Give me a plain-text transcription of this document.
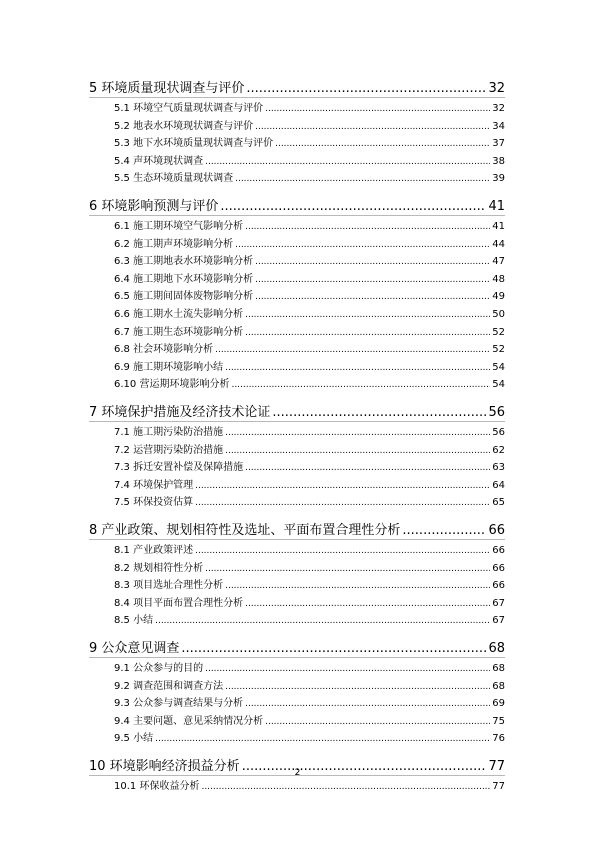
5 环境质量现状调查与评价 .....	32
5.1 环境空气质量现状调查与评价 .....	32
5.2 地表水环境现状调查与评价 .....	34
5.3 地下水环境质量现状调查与评价 .....	37
5.4 声环境现状调查 .....	38
5.5 生态环境质量现状调查 .....	39
6 环境影响预测与评价 .....	41
6.1 施工期环境空气影响分析 .....	41
6.2 施工期声环境影响分析 .....	44
6.3 施工期地表水环境影响分析 .....	47
6.4 施工期地下水环境影响分析 .....	48
6.5 施工期间固体废物影响分析 .....	49
6.6 施工期水土流失影响分析 .....	50
6.7 施工期生态环境影响分析 .....	52
6.8 社会环境影响分析 .....	52
6.9 施工期环境影响小结 .....	54
6.10 营运期环境影响分析 .....	54
7 环境保护措施及经济技术论证 .....	56
7.1 施工期污染防治措施 .....	56
7.2 运营期污染防治措施 .....	62
7.3 拆迁安置补偿及保障措施 .....	63
7.4 环境保护管理 .....	64
7.5 环保投资估算 .....	65
8 产业政策、规划相符性及选址、平面布置合理性分析 .....	66
8.1 产业政策评述 .....	66
8.2 规划相符性分析 .....	66
8.3 项目选址合理性分析 .....	66
8.4 项目平面布置合理性分析 .....	67
8.5 小结 .....	67
9 公众意见调查 .....	68
9.1 公众参与的目的 .....	68
9.2 调查范围和调查方法 .....	68
9.3 公众参与调查结果与分析 .....	69
9.4 主要问题、意见采纳情况分析 .....	75
9.5 小结 .....	76
10 环境影响经济损益分析 .....	77
10.1 环保收益分析 .....	77
2
